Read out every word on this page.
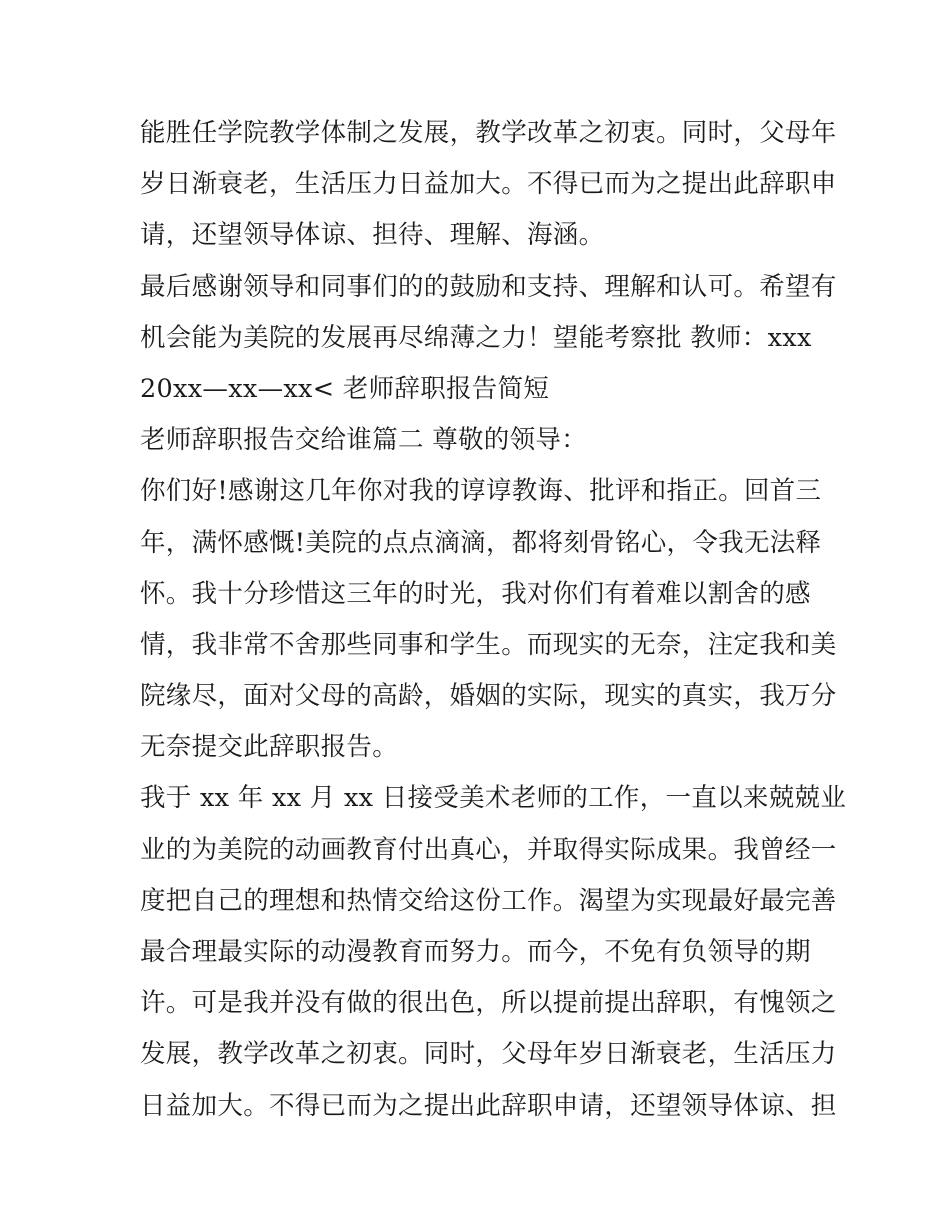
能胜任学院教学体制之发展，教学改革之初衷。同时，父母年
岁日渐衰老，生活压力日益加大。不得已而为之提出此辞职申
请，还望领导体谅、担待、理解、海涵。
最后感谢领导和同事们的的鼓励和支持、理解和认可。希望有
机会能为美院的发展再尽绵薄之力！望能考察批 教师：xxx
20xx—xx—xx< 老师辞职报告简短
老师辞职报告交给谁篇二 尊敬的领导：
你们好!感谢这几年你对我的谆谆教诲、批评和指正。回首三
年，满怀感慨!美院的点点滴滴，都将刻骨铭心，令我无法释
怀。我十分珍惜这三年的时光，我对你们有着难以割舍的感
情，我非常不舍那些同事和学生。而现实的无奈，注定我和美
院缘尽，面对父母的高龄，婚姻的实际，现实的真实，我万分
无奈提交此辞职报告。
我于 xx 年 xx 月 xx 日接受美术老师的工作，一直以来兢兢业
业的为美院的动画教育付出真心，并取得实际成果。我曾经一
度把自己的理想和热情交给这份工作。渴望为实现最好最完善
最合理最实际的动漫教育而努力。而今，不免有负领导的期
许。可是我并没有做的很出色，所以提前提出辞职，有愧领之
发展，教学改革之初衷。同时，父母年岁日渐衰老，生活压力
日益加大。不得已而为之提出此辞职申请，还望领导体谅、担
